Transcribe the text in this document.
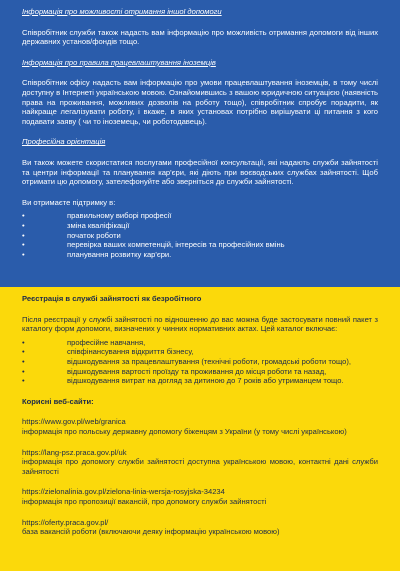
Інформація про можливості отримання іншої допомоги
Співробітник служби також надасть вам інформацію про можливість отримання допомоги від інших державних установ/фондів тощо.
Інформація про правила працевлаштування іноземців
Співробітник офісу надасть вам інформацію про умови працевлаштування іноземців, в тому числі доступну в Інтернеті українською мовою. Ознайомившись з вашою юридичною ситуацією (наявність права на проживання, можливих дозволів на роботу тощо), співробітник спробує порадити, як найкраще легалізувати роботу, і вкаже, в яких установах потрібно вирішувати ці питання з кого подавати заяву ( чи то іноземець, чи роботодавець).
Професійна орієнтація
Ви також можете скористатися послугами професійної консультації, які надають служби зайнятості та центри інформації та планування кар'єри, які діють при воєводських службах зайнятості. Щоб отримати цю допомогу, зателефонуйте або зверніться до служби зайнятості.
Ви отримаєте підтримку в:
• правильному виборі професії
• зміна кваліфікації
• початок роботи
• перевірка ваших компетенцій, інтересів та професійних вмінь
• планування розвитку кар'єри.
Реєстрація в службі зайнятості як безробітного
Після реєстрації у службі зайнятості по відношенню до вас можна буде застосувати повний пакет з каталогу форм допомоги, визначених у чинних нормативних актах. Цей каталог включає:
• професійне навчання,
• співфінансування відкриття бізнесу,
• відшкодування за працевлаштування (технічні роботи, громадські роботи тощо),
• відшкодування вартості проїзду та проживання до місця роботи та назад,
• відшкодування витрат на догляд за дитиною до 7 років або утриманцем тощо.
Корисні веб-сайти:
https://www.gov.pl/web/granica
інформація про польську державну допомогу біженцям з України (у тому числі українською)
https://lang-psz.praca.gov.pl/uk
інформація про допомогу служби зайнятості доступна українською мовою, контактні дані служби зайнятості
https://zielonalinia.gov.pl/zielona-linia-wersja-rosyjska-34234
інформація про пропозиції вакансій, про допомогу служби зайнятості
https://oferty.praca.gov.pl/
база вакансій роботи (включаючи деяку інформацію українською мовою)
